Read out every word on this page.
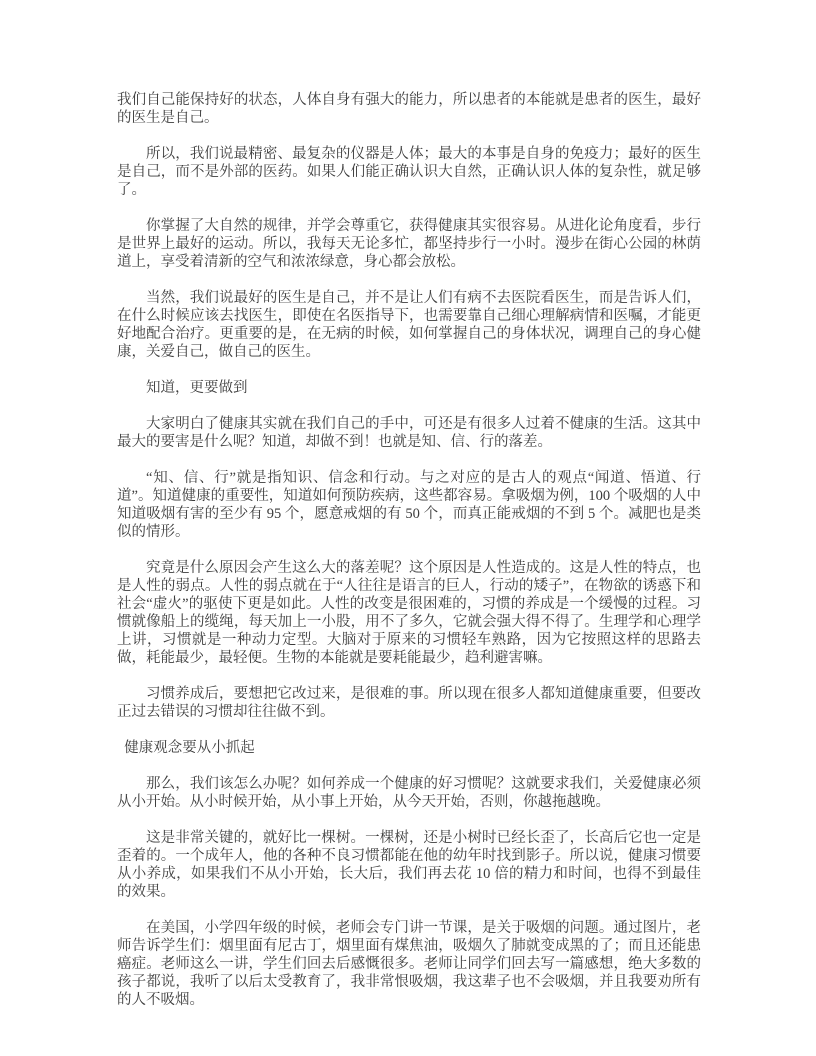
我们自己能保持好的状态，人体自身有强大的能力，所以患者的本能就是患者的医生，最好的医生是自己。

所以，我们说最精密、最复杂的仪器是人体；最大的本事是自身的免疫力；最好的医生是自己，而不是外部的医药。如果人们能正确认识大自然，正确认识人体的复杂性，就足够了。

你掌握了大自然的规律，并学会尊重它，获得健康其实很容易。从进化论角度看，步行是世界上最好的运动。所以，我每天无论多忙，都坚持步行一小时。漫步在街心公园的林荫道上，享受着清新的空气和浓浓绿意，身心都会放松。

当然，我们说最好的医生是自己，并不是让人们有病不去医院看医生，而是告诉人们，在什么时候应该去找医生，即使在名医指导下，也需要靠自己细心理解病情和医嘱，才能更好地配合治疗。更重要的是，在无病的时候，如何掌握自己的身体状况，调理自己的身心健康，关爱自己，做自己的医生。

知道，更要做到

大家明白了健康其实就在我们自己的手中，可还是有很多人过着不健康的生活。这其中最大的要害是什么呢？知道，却做不到！也就是知、信、行的落差。

“知、信、行”就是指知识、信念和行动。与之对应的是古人的观点“闻道、悟道、行道”。知道健康的重要性，知道如何预防疾病，这些都容易。拿吸烟为例，100 个吸烟的人中知道吸烟有害的至少有 95 个，愿意戒烟的有 50 个，而真正能戒烟的不到 5 个。减肥也是类似的情形。

究竟是什么原因会产生这么大的落差呢？这个原因是人性造成的。这是人性的特点，也是人性的弱点。人性的弱点就在于“人往往是语言的巨人，行动的矮子”，在物欲的诱惑下和社会“虚火”的驱使下更是如此。人性的改变是很困难的，习惯的养成是一个缓慢的过程。习惯就像船上的缆绳，每天加上一小股，用不了多久，它就会强大得不得了。生理学和心理学上讲，习惯就是一种动力定型。大脑对于原来的习惯轻车熟路，因为它按照这样的思路去做，耗能最少，最轻便。生物的本能就是要耗能最少，趋利避害嘛。

习惯养成后，要想把它改过来，是很难的事。所以现在很多人都知道健康重要，但要改正过去错误的习惯却往往做不到。

健康观念要从小抓起

那么，我们该怎么办呢？如何养成一个健康的好习惯呢？这就要求我们，关爱健康必须从小开始。从小时候开始，从小事上开始，从今天开始，否则，你越拖越晚。

这是非常关键的，就好比一棵树。一棵树，还是小树时已经长歪了，长高后它也一定是歪着的。一个成年人，他的各种不良习惯都能在他的幼年时找到影子。所以说，健康习惯要从小养成，如果我们不从小开始，长大后，我们再去花 10 倍的精力和时间，也得不到最佳的效果。

在美国，小学四年级的时候，老师会专门讲一节课，是关于吸烟的问题。通过图片，老师告诉学生们：烟里面有尼古丁，烟里面有煤焦油，吸烟久了肺就变成黑的了；而且还能患癌症。老师这么一讲，学生们回去后感慨很多。老师让同学们回去写一篇感想，绝大多数的孩子都说，我听了以后太受教育了，我非常恨吸烟，我这辈子也不会吸烟，并且我要劝所有的人不吸烟。
